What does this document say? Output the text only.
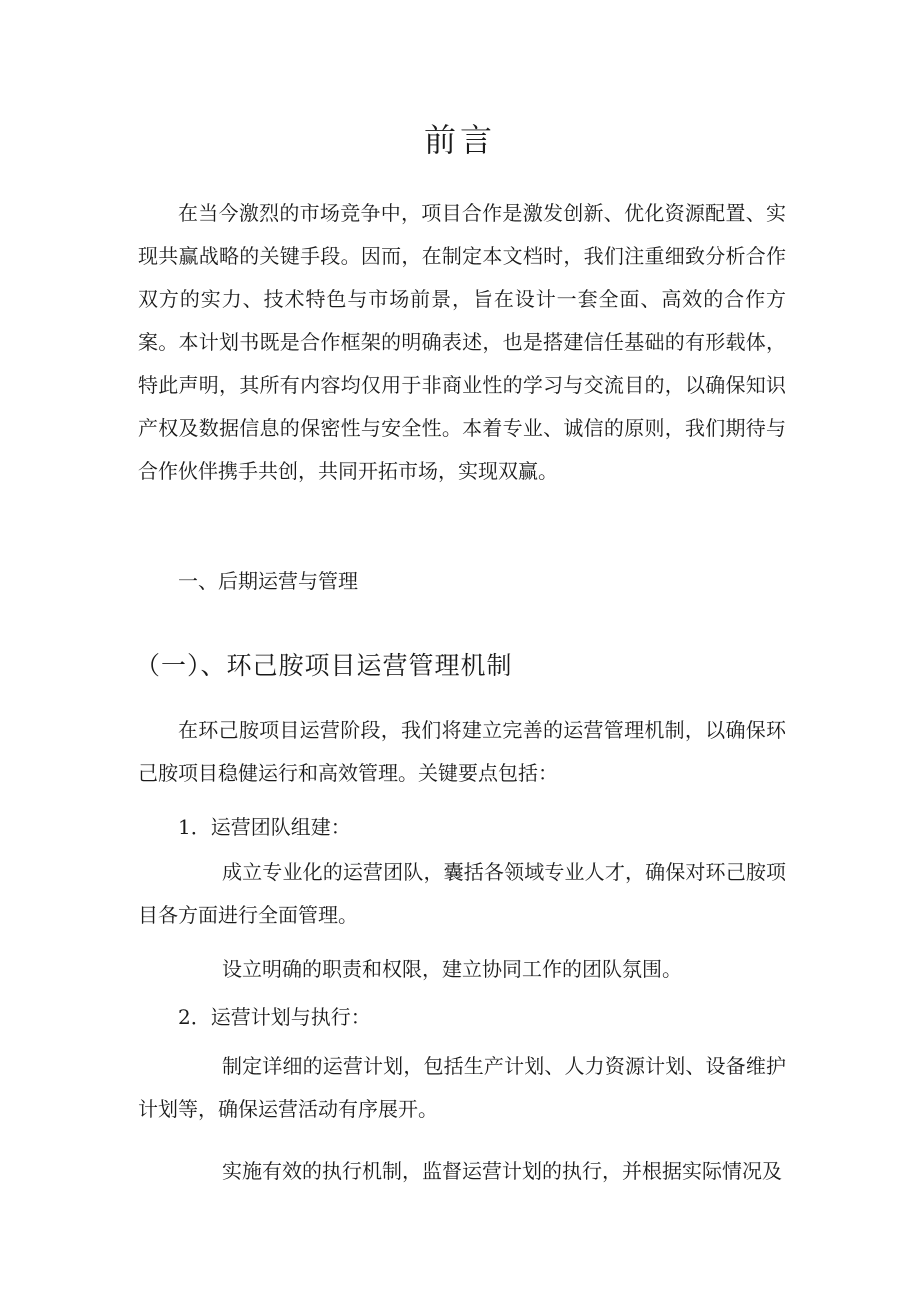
前言

在当今激烈的市场竞争中，项目合作是激发创新、优化资源配置、实现共赢战略的关键手段。因而，在制定本文档时，我们注重细致分析合作双方的实力、技术特色与市场前景，旨在设计一套全面、高效的合作方案。本计划书既是合作框架的明确表述，也是搭建信任基础的有形载体，特此声明，其所有内容均仅用于非商业性的学习与交流目的，以确保知识产权及数据信息的保密性与安全性。本着专业、诚信的原则，我们期待与合作伙伴携手共创，共同开拓市场，实现双赢。

一、后期运营与管理

（一）、环己胺项目运营管理机制

在环己胺项目运营阶段，我们将建立完善的运营管理机制，以确保环己胺项目稳健运行和高效管理。关键要点包括：

1．运营团队组建：

成立专业化的运营团队，囊括各领域专业人才，确保对环己胺项目各方面进行全面管理。

设立明确的职责和权限，建立协同工作的团队氛围。

2．运营计划与执行：

制定详细的运营计划，包括生产计划、人力资源计划、设备维护计划等，确保运营活动有序展开。

实施有效的执行机制，监督运营计划的执行，并根据实际情况及
